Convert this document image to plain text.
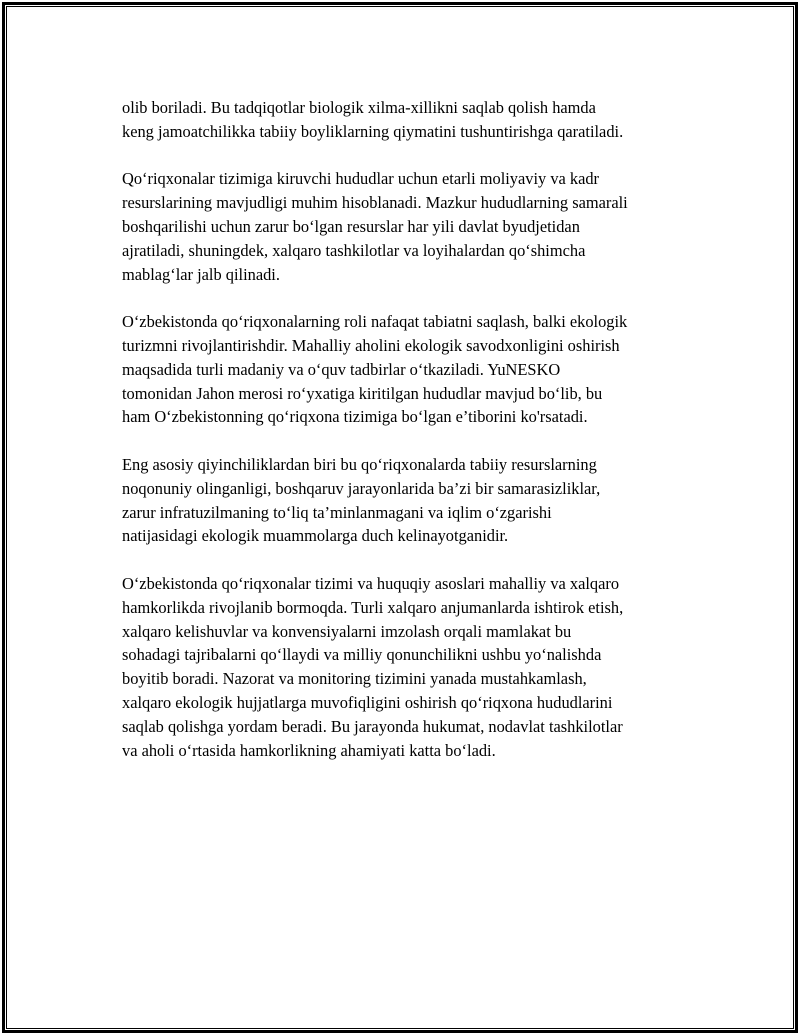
olib boriladi. Bu tadqiqotlar biologik xilma-xillikni saqlab qolish hamda
keng jamoatchilikka tabiiy boyliklarning qiymatini tushuntirishga qaratiladi.

Qo‘riqxonalar tizimiga kiruvchi hududlar uchun etarli moliyaviy va kadr
resurslarining mavjudligi muhim hisoblanadi. Mazkur hududlarning samarali
boshqarilishi uchun zarur bo‘lgan resurslar har yili davlat byudjetidan
ajratiladi, shuningdek, xalqaro tashkilotlar va loyihalardan qo‘shimcha
mablag‘lar jalb qilinadi.

O‘zbekistonda qo‘riqxonalarning roli nafaqat tabiatni saqlash, balki ekologik
turizmni rivojlantirishdir. Mahalliy aholini ekologik savodxonligini oshirish
maqsadida turli madaniy va o‘quv tadbirlar o‘tkaziladi. YuNESKO
tomonidan Jahon merosi ro‘yxatiga kiritilgan hududlar mavjud bo‘lib, bu
ham O‘zbekistonning qo‘riqxona tizimiga bo‘lgan e’tiborini ko'rsatadi.

Eng asosiy qiyinchiliklardan biri bu qo‘riqxonalarda tabiiy resurslarning
noqonuniy olinganligi, boshqaruv jarayonlarida ba’zi bir samarasizliklar,
zarur infratuzilmaning to‘liq ta’minlanmagani va iqlim o‘zgarishi
natijasidagi ekologik muammolarga duch kelinayotganidir.

O‘zbekistonda qo‘riqxonalar tizimi va huquqiy asoslari mahalliy va xalqaro
hamkorlikda rivojlanib bormoqda. Turli xalqaro anjumanlarda ishtirok etish,
xalqaro kelishuvlar va konvensiyalarni imzolash orqali mamlakat bu
sohadagi tajribalarni qo‘llaydi va milliy qonunchilikni ushbu yo‘nalishda
boyitib boradi. Nazorat va monitoring tizimini yanada mustahkamlash,
xalqaro ekologik hujjatlarga muvofiqligini oshirish qo‘riqxona hududlarini
saqlab qolishga yordam beradi. Bu jarayonda hukumat, nodavlat tashkilotlar
va aholi o‘rtasida hamkorlikning ahamiyati katta bo‘ladi.
